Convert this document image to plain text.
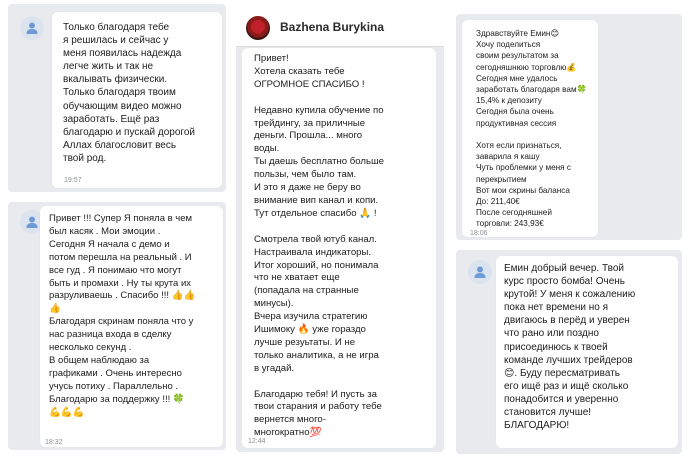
Только благодаря тебе
я решилась и сейчас у
меня появилась надежда
легче жить и так не
вкалывать физически.
Только благодаря твоим
обучающим видео можно
заработать. Ещё раз
благодарю и пускай дорогой
Аллах благословит весь
твой род.

19:57

Привет !!! Супер Я поняла в чем
был касяк . Мои эмоции .
Сегодня Я начала с демо и
потом перешла на реальный . И
все гуд . Я понимаю что могут
быть и промахи . Ну ты крута их
разруливаешь . Спасибо !!! 👍👍
👍
Благодаря скринам поняла что у
нас разница входа в сделку
несколько секунд .
В общем наблюдаю за
графиками . Очень интересно
учусь потиху . Параллельно .
Благодарю за поддержку !!! 🍀
💪💪💪

18:32
Bazhena Burykina

Привет!
Хотела сказать тебе
ОГРОМНОЕ СПАСИБО !

Недавно купила обучение по
трейдингу, за приличные
деньги. Прошла... много
воды.
Ты даешь бесплатно больше
пользы, чем было там.
И это я даже не беру во
внимание вип канал и копи.
Тут отдельное спасибо 🙏 !

Смотрела твой ютуб канал.
Настраивала индикаторы.
Итог хороший, но понимала
что не хватает еще
(попадала на странные
минусы).
Вчера изучила стратегию
Ишимоку 🔥 уже гораздо
лучше резуьтаты. И не
только аналитика, а не игра
в угадай.

Благодарю тебя! И пусть за
твои старания и работу тебе
вернется много-
многократно💯

12:44

Здравствуйте Емин😊
Хочу поделиться
своим результатом за
сегодняшнюю торговлю💰
Сегодня мне удалось
заработать благодаря вам🍀
15,4% к депозиту
Сегодня была очень
продуктивная сессия

Хотя если признаться,
заварила я кашу
Чуть проблемки у меня с
перекрытием
Вот мои скрины баланса
До: 211,40€
После сегодняшней
торговли: 243,93€

18:06

Емин добрый вечер. Твой
курс просто бомба! Очень
крутой! У меня к сожалению
пока нет времени но я
двигаюсь в перёд и уверен
что рано или поздно
присоединюсь к твоей
команде лучших трейдеров
😊. Буду пересматривать
его ищё раз и ищё сколько
понадобится и уверенно
становится лучше!
БЛАГОДАРЮ!
